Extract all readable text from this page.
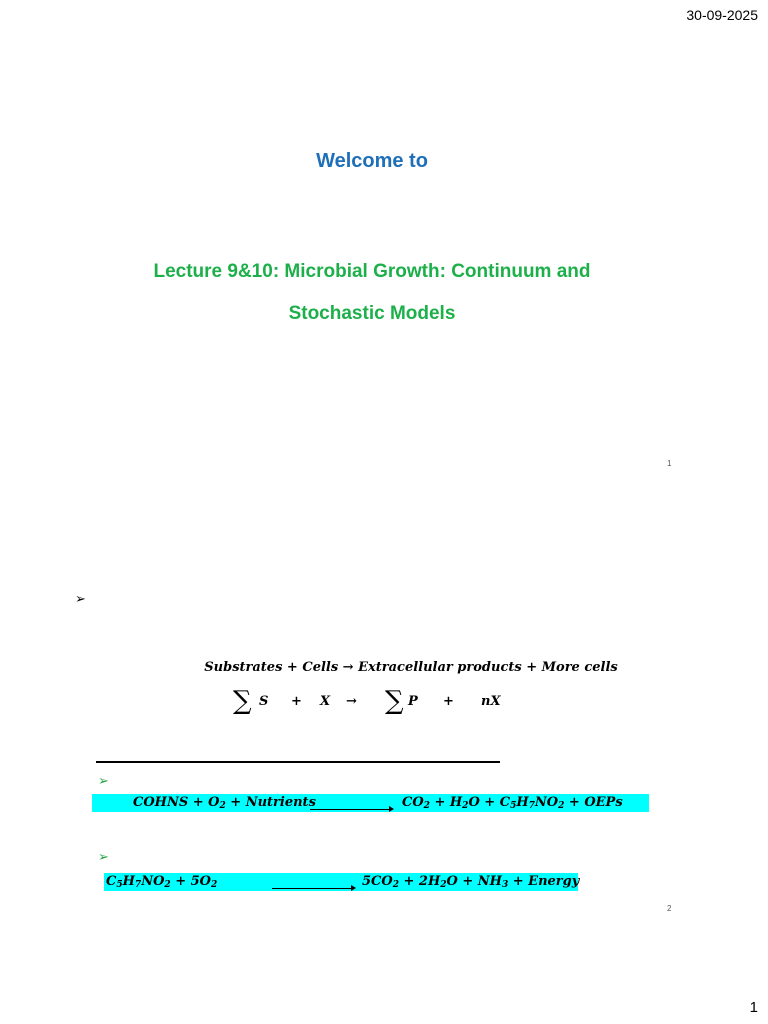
30-09-2025
Welcome to
Lecture 9&10: Microbial Growth: Continuum and
Stochastic Models
1
➢
Substrates + Cells → Extracellular products + More cells
∑ S + X → ∑ P + nX
➢
COHNS + $O_2$ + Nutrients	$CO_2 + H_2O + C_5H_7NO_2$ + OEPs
➢
$C_5H_7NO_2 + 5O_2$	$5CO_2 + 2H_2O + NH_3$ + Energy
2
1
